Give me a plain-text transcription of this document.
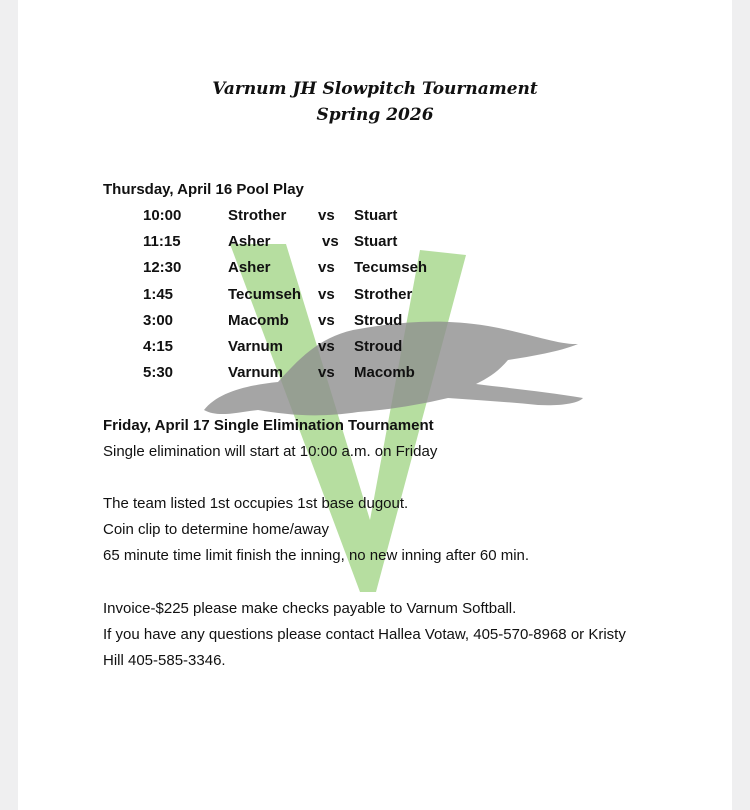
Varnum JH Slowpitch Tournament
Spring 2026
Thursday, April 16 Pool Play
10:00	Strother vs Stuart
11:15	Asher	vs Stuart
12:30	Asher	vs Tecumseh
1:45	Tecumseh vs Strother
3:00	Macomb vs Stroud
4:15	Varnum vs Stroud
5:30	Varnum vs Macomb
Friday, April 17 Single Elimination Tournament
Single elimination will start at 10:00 a.m. on Friday
The team listed 1st occupies 1st base dugout.
Coin clip to determine home/away
65 minute time limit finish the inning, no new inning after 60 min.
Invoice-$225 please make checks payable to Varnum Softball.
If you have any questions please contact Hallea Votaw, 405-570-8968 or Kristy
Hill 405-585-3346.
